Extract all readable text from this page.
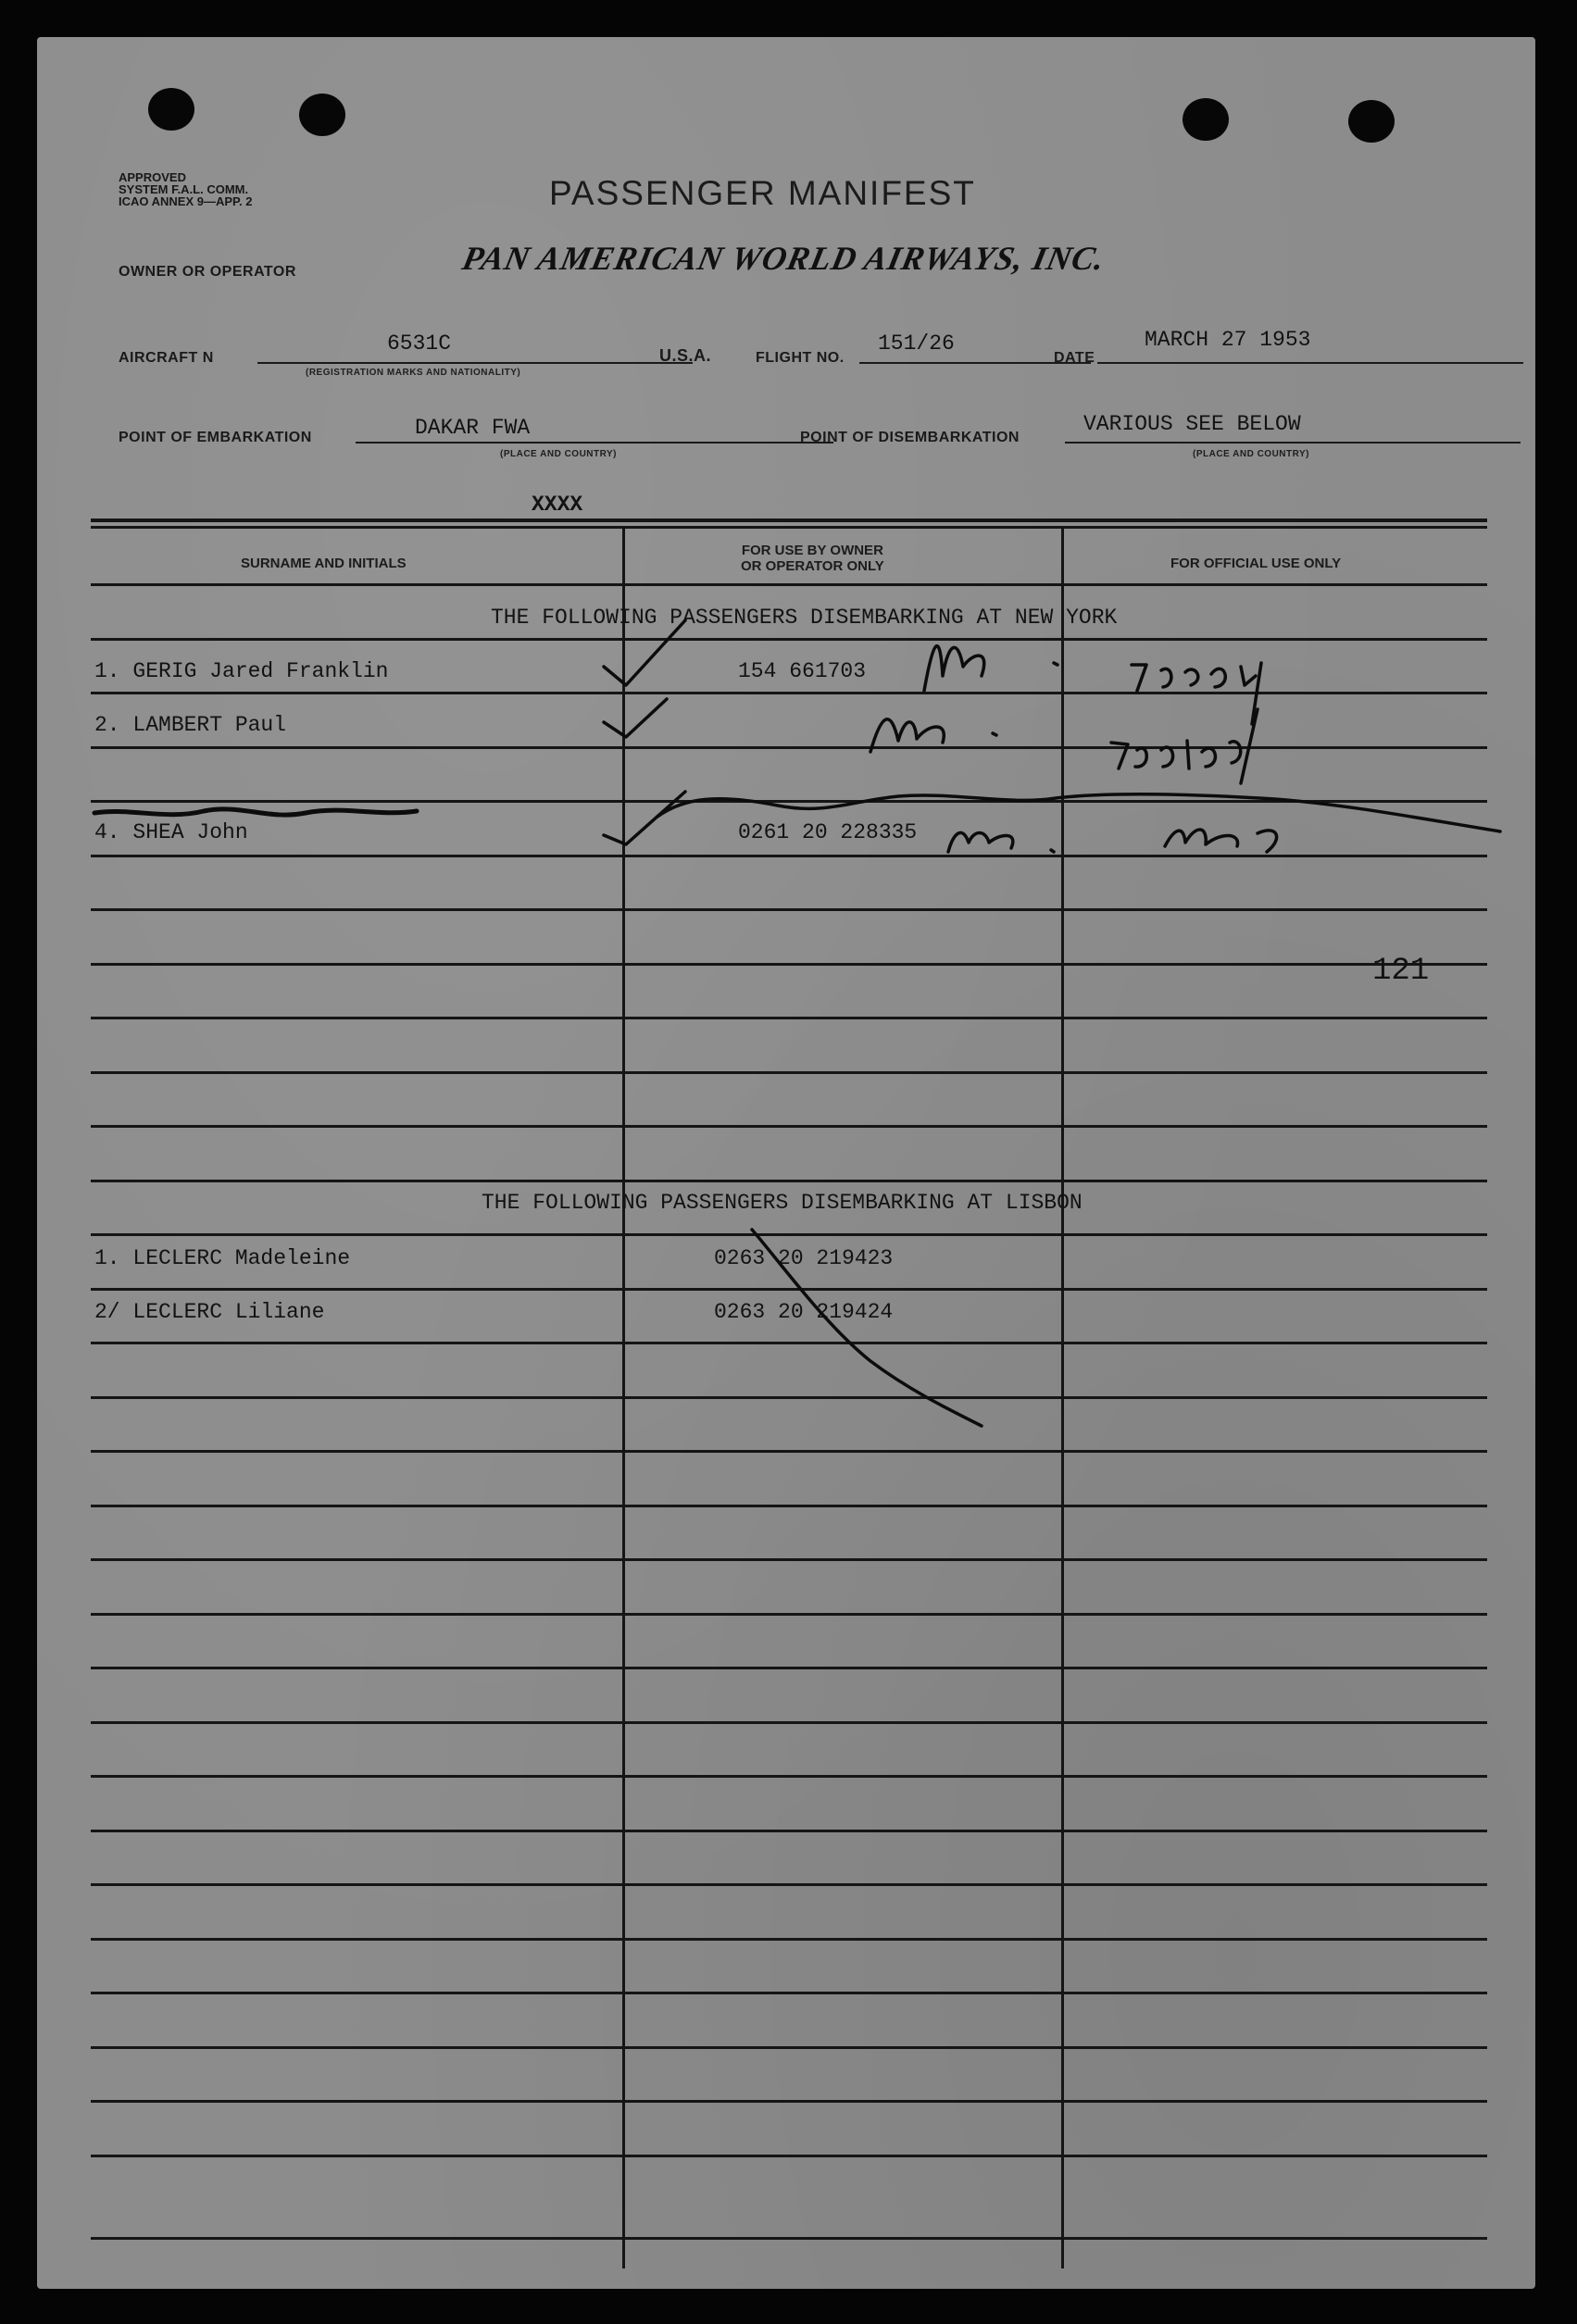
APPROVED
SYSTEM F.A.L. COMM.
ICAO ANNEX 9—APP. 2	PASSENGER MANIFEST
OWNER OR OPERATOR	PAN AMERICAN WORLD AIRWAYS, INC.
AIRCRAFT N
6531C
(REGISTRATION MARKS AND NATIONALITY)
U.S.A.	FLIGHT NO.
151/26
DATE
MARCH 27 1953
POINT OF EMBARKATION	DAKAR FWA
(PLACE AND COUNTRY)
POINT OF DISEMBARKATION
VARIOUS SEE BELOW
(PLACE AND COUNTRY)
XXXX
SURNAME AND INITIALS
FOR USE BY OWNER
OR OPERATOR ONLY	FOR OFFICIAL USE ONLY
THE FOLLOWING PASSENGERS DISEMBARKING AT NEW YORK
1. GERIG Jared Franklin	154 661703
2. LAMBERT Paul
4. SHEA John	0261 20 228335
121
THE FOLLOWING PASSENGERS DISEMBARKING AT LISBON
1. LECLERC Madeleine	0263 20 219423
2/ LECLERC Liliane	0263 20 219424
